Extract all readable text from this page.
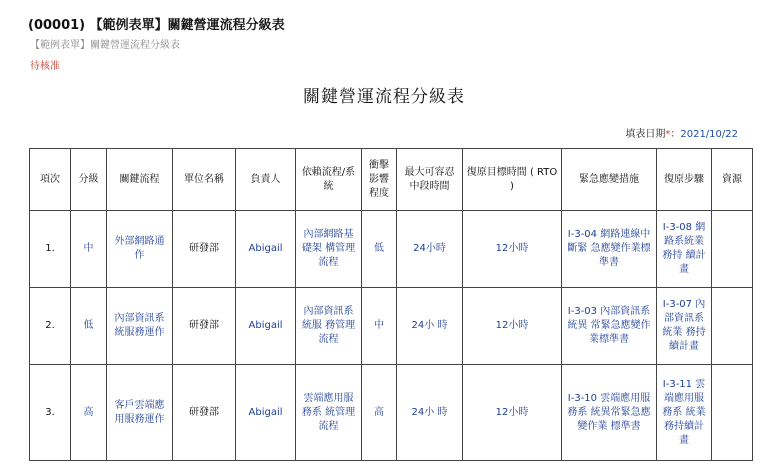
(00001) 【範例表單】關鍵營運流程分級表
【範例表單】關鍵營運流程分級表
待核准
關鍵營運流程分級表
填表日期*：2021/10/22
項次	分級	關鍵流程	單位名稱	負責人	依賴流程/系統	衝擊影響程度	最大可容忍中段時間	復原目標時間 ( RTO )	緊急應變措施	復原步驟	資源
1.	中	外部網路通作	研發部	Abigail	內部網路基礎架 構管理流程	低	24小時	12小時	I-3-04 網路連線中斷緊 急應變作業標準書	I-3-08 網路系統業務持 續計畫	
2.	低	內部資訊系統服務運作	研發部	Abigail	內部資訊系統服 務管理流程	中	24小 時	12小時	I-3-03 內部資訊系統異 常緊急應變作業標準書	I-3-07 內部資訊系統業 務持續計畫	
3.	高	客戶雲端應用服務運作	研發部	Abigail	雲端應用服務系 統管理流程	高	24小 時	12小時	I-3-10 雲端應用服務系 統異常緊急應變作業 標準書	I-3-11 雲端應用服務系 統業務持續計畫	
